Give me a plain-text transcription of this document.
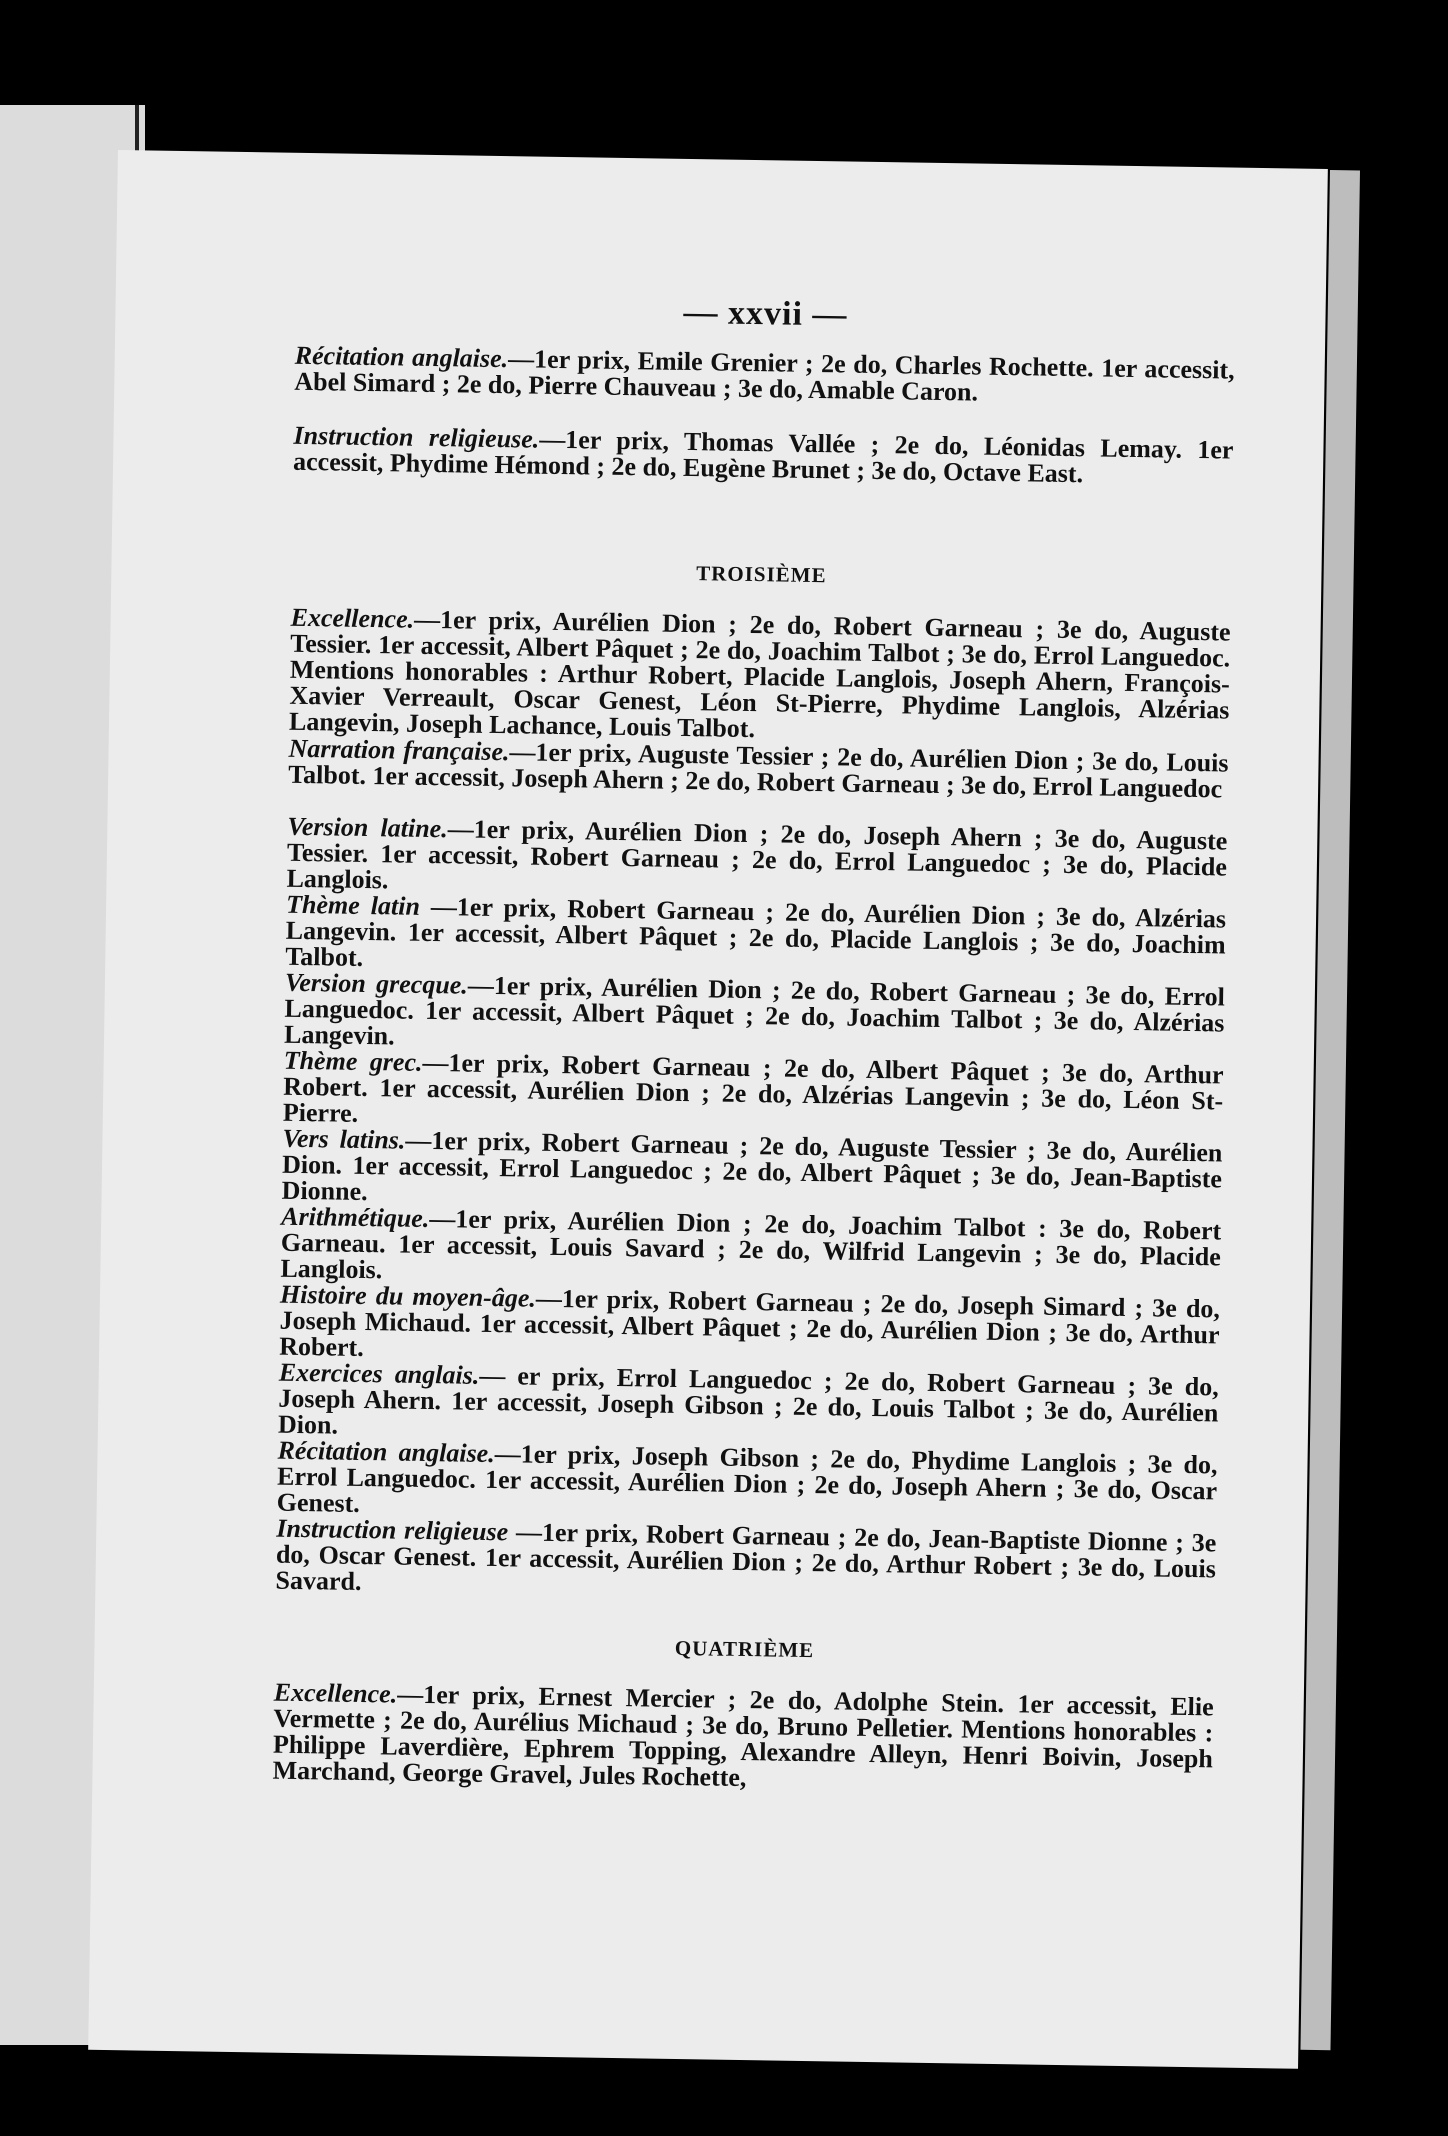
— xxvii —

Récitation anglaise.—1er prix, Emile Grenier ; 2e do, Charles Rochette. 1er accessit, Abel Simard ; 2e do, Pierre Chauveau ; 3e do, Amable Caron.

Instruction religieuse.—1er prix, Thomas Vallée ; 2e do, Léonidas Lemay. 1er accessit, Phydime Hémond ; 2e do, Eugène Brunet ; 3e do, Octave East.

TROISIÈME

Excellence.—1er prix, Aurélien Dion ; 2e do, Robert Garneau ; 3e do, Auguste Tessier. 1er accessit, Albert Pâquet ; 2e do, Joachim Talbot ; 3e do, Errol Languedoc. Mentions honorables : Arthur Robert, Placide Langlois, Joseph Ahern, François-Xavier Verreault, Oscar Genest, Léon St-Pierre, Phydime Langlois, Alzérias Langevin, Joseph Lachance, Louis Talbot.

Narration française.—1er prix, Auguste Tessier ; 2e do, Aurélien Dion ; 3e do, Louis Talbot. 1er accessit, Joseph Ahern ; 2e do, Robert Garneau ; 3e do, Errol Languedoc

Version latine.—1er prix, Aurélien Dion ; 2e do, Joseph Ahern ; 3e do, Auguste Tessier. 1er accessit, Robert Garneau ; 2e do, Errol Languedoc ; 3e do, Placide Langlois.

Thème latin —1er prix, Robert Garneau ; 2e do, Aurélien Dion ; 3e do, Alzérias Langevin. 1er accessit, Albert Pâquet ; 2e do, Placide Langlois ; 3e do, Joachim Talbot.

Version grecque.—1er prix, Aurélien Dion ; 2e do, Robert Garneau ; 3e do, Errol Languedoc. 1er accessit, Albert Pâquet ; 2e do, Joachim Talbot ; 3e do, Alzérias Langevin.

Thème grec.—1er prix, Robert Garneau ; 2e do, Albert Pâquet ; 3e do, Arthur Robert. 1er accessit, Aurélien Dion ; 2e do, Alzérias Langevin ; 3e do, Léon St-Pierre.

Vers latins.—1er prix, Robert Garneau ; 2e do, Auguste Tessier ; 3e do, Aurélien Dion. 1er accessit, Errol Languedoc ; 2e do, Albert Pâquet ; 3e do, Jean-Baptiste Dionne.

Arithmétique.—1er prix, Aurélien Dion ; 2e do, Joachim Talbot : 3e do, Robert Garneau. 1er accessit, Louis Savard ; 2e do, Wilfrid Langevin ; 3e do, Placide Langlois.

Histoire du moyen-âge.—1er prix, Robert Garneau ; 2e do, Joseph Simard ; 3e do, Joseph Michaud. 1er accessit, Albert Pâquet ; 2e do, Aurélien Dion ; 3e do, Arthur Robert.

Exercices anglais.— er prix, Errol Languedoc ; 2e do, Robert Garneau ; 3e do, Joseph Ahern. 1er accessit, Joseph Gibson ; 2e do, Louis Talbot ; 3e do, Aurélien Dion.

Récitation anglaise.—1er prix, Joseph Gibson ; 2e do, Phydime Langlois ; 3e do, Errol Languedoc. 1er accessit, Aurélien Dion ; 2e do, Joseph Ahern ; 3e do, Oscar Genest.

Instruction religieuse —1er prix, Robert Garneau ; 2e do, Jean-Baptiste Dionne ; 3e do, Oscar Genest. 1er accessit, Aurélien Dion ; 2e do, Arthur Robert ; 3e do, Louis Savard.

QUATRIÈME

Excellence.—1er prix, Ernest Mercier ; 2e do, Adolphe Stein. 1er accessit, Elie Vermette ; 2e do, Aurélius Michaud ; 3e do, Bruno Pelletier. Mentions honorables : Philippe Laverdière, Ephrem Topping, Alexandre Alleyn, Henri Boivin, Joseph Marchand, George Gravel, Jules Rochette,
